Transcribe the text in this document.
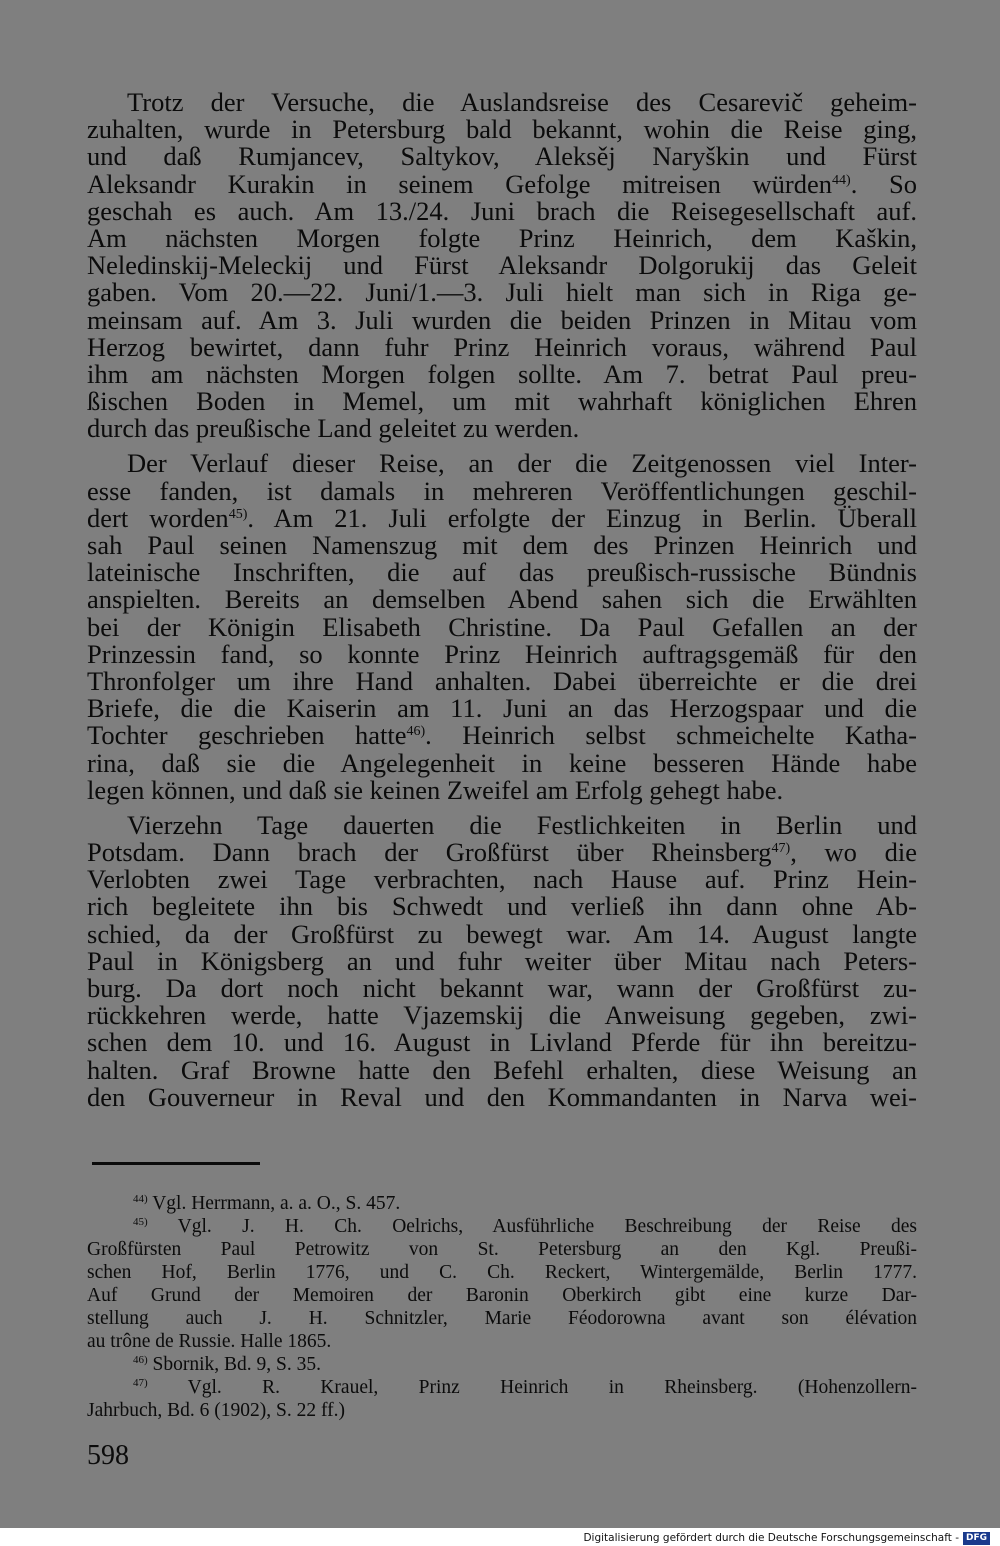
Trotz der Versuche, die Auslandsreise des Cesarevič geheim-
zuhalten, wurde in Petersburg bald bekannt, wohin die Reise ging,
und daß Rumjancev, Saltykov, Aleksěj Naryškin und Fürst
Aleksandr Kurakin in seinem Gefolge mitreisen würden$^{44)}$. So
geschah es auch. Am 13./24. Juni brach die Reisegesellschaft auf.
Am nächsten Morgen folgte Prinz Heinrich, dem Kaškin,
Neledinskij-Meleckij und Fürst Aleksandr Dolgorukij das Geleit
gaben. Vom 20.—22. Juni/1.—3. Juli hielt man sich in Riga ge-
meinsam auf. Am 3. Juli wurden die beiden Prinzen in Mitau vom
Herzog bewirtet, dann fuhr Prinz Heinrich voraus, während Paul
ihm am nächsten Morgen folgen sollte. Am 7. betrat Paul preu-
ßischen Boden in Memel, um mit wahrhaft königlichen Ehren
durch das preußische Land geleitet zu werden.
Der Verlauf dieser Reise, an der die Zeitgenossen viel Inter-
esse fanden, ist damals in mehreren Veröffentlichungen geschil-
dert worden$^{45)}$. Am 21. Juli erfolgte der Einzug in Berlin. Überall
sah Paul seinen Namenszug mit dem des Prinzen Heinrich und
lateinische Inschriften, die auf das preußisch-russische Bündnis
anspielten. Bereits an demselben Abend sahen sich die Erwählten
bei der Königin Elisabeth Christine. Da Paul Gefallen an der
Prinzessin fand, so konnte Prinz Heinrich auftragsgemäß für den
Thronfolger um ihre Hand anhalten. Dabei überreichte er die drei
Briefe, die die Kaiserin am 11. Juni an das Herzogspaar und die
Tochter geschrieben hatte$^{46)}$. Heinrich selbst schmeichelte Katha-
rina, daß sie die Angelegenheit in keine besseren Hände habe
legen können, und daß sie keinen Zweifel am Erfolg gehegt habe.
Vierzehn Tage dauerten die Festlichkeiten in Berlin und
Potsdam. Dann brach der Großfürst über Rheinsberg$^{47)}$, wo die
Verlobten zwei Tage verbrachten, nach Hause auf. Prinz Hein-
rich begleitete ihn bis Schwedt und verließ ihn dann ohne Ab-
schied, da der Großfürst zu bewegt war. Am 14. August langte
Paul in Königsberg an und fuhr weiter über Mitau nach Peters-
burg. Da dort noch nicht bekannt war, wann der Großfürst zu-
rückkehren werde, hatte Vjazemskij die Anweisung gegeben, zwi-
schen dem 10. und 16. August in Livland Pferde für ihn bereitzu-
halten. Graf Browne hatte den Befehl erhalten, diese Weisung an
den Gouverneur in Reval und den Kommandanten in Narva wei-
$^{44)}$ Vgl. Herrmann, a. a. O., S. 457.
$^{45)}$ Vgl. J. H. Ch. Oelrichs, Ausführliche Beschreibung der Reise des
Großfürsten Paul Petrowitz von St. Petersburg an den Kgl. Preußi-
schen Hof, Berlin 1776, und C. Ch. Reckert, Wintergemälde, Berlin 1777.
Auf Grund der Memoiren der Baronin Oberkirch gibt eine kurze Dar-
stellung auch J. H. Schnitzler, Marie Féodorowna avant son élévation
au trône de Russie. Halle 1865.
$^{46)}$ Sbornik, Bd. 9, S. 35.
$^{47)}$ Vgl. R. Krauel, Prinz Heinrich in Rheinsberg. (Hohenzollern-
Jahrbuch, Bd. 6 (1902), S. 22 ff.)
598
Digitalisierung gefördert durch die Deutsche Forschungsgemeinschaft - DFG
